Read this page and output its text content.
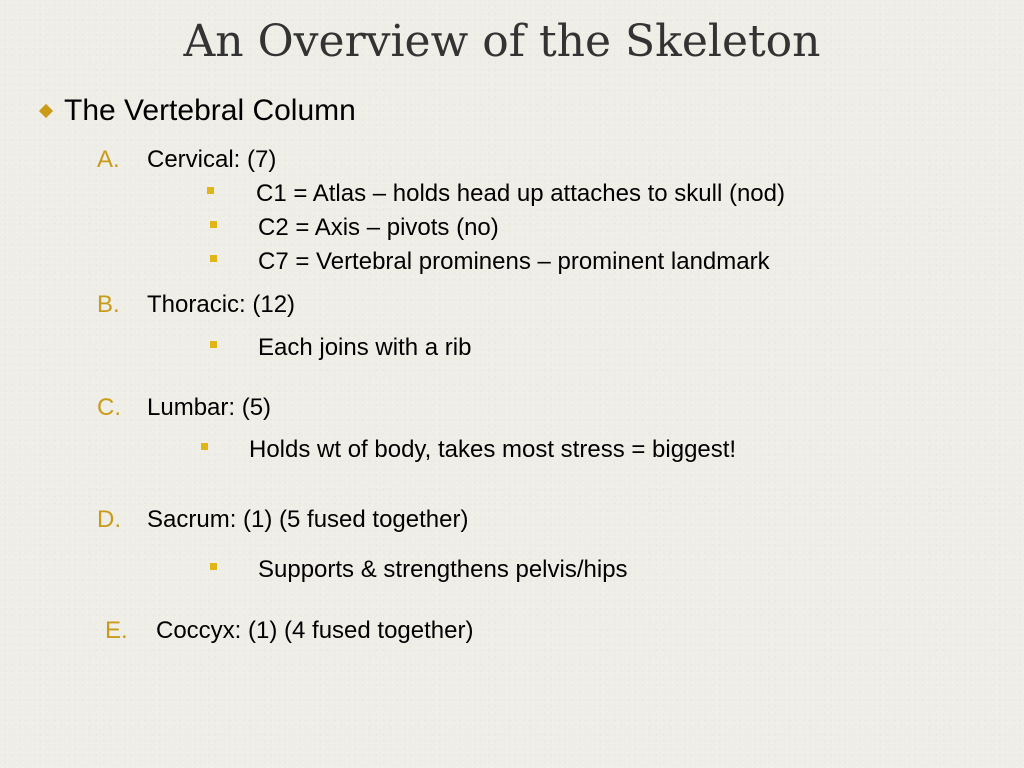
An Overview of the Skeleton
The Vertebral Column
A. Cervical: (7)
C1 = Atlas – holds head up attaches to skull (nod)
C2 = Axis – pivots (no)
C7 = Vertebral prominens – prominent landmark
B. Thoracic: (12)
Each joins with a rib
C. Lumbar: (5)
Holds wt of body, takes most stress = biggest!
D. Sacrum: (1) (5 fused together)
Supports & strengthens pelvis/hips
E. Coccyx: (1) (4 fused together)
